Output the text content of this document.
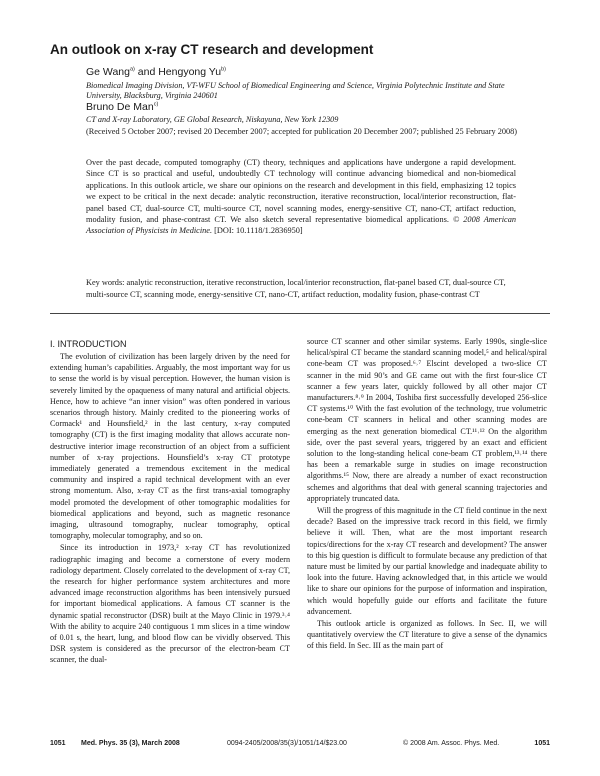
An outlook on x-ray CT research and development
Ge Wang$^{a)}$ and Hengyong Yu$^{b)}$
Biomedical Imaging Division, VT-WFU School of Biomedical Engineering and Science, Virginia Polytechnic Institute and State University, Blacksburg, Virginia 240601
Bruno De Man$^{c)}$
CT and X-ray Laboratory, GE Global Research, Niskayuna, New York 12309
(Received 5 October 2007; revised 20 December 2007; accepted for publication 20 December 2007; published 25 February 2008)
Over the past decade, computed tomography (CT) theory, techniques and applications have undergone a rapid development. Since CT is so practical and useful, undoubtedly CT technology will continue advancing biomedical and non-biomedical applications. In this outlook article, we share our opinions on the research and development in this field, emphasizing 12 topics we expect to be critical in the next decade: analytic reconstruction, iterative reconstruction, local/interior reconstruction, flat-panel based CT, dual-source CT, multi-source CT, novel scanning modes, energy-sensitive CT, nano-CT, artifact reduction, modality fusion, and phase-contrast CT. We also sketch several representative biomedical applications. © 2008 American Association of Physicists in Medicine. [DOI: 10.1118/1.2836950]
Key words: analytic reconstruction, iterative reconstruction, local/interior reconstruction, flat-panel based CT, dual-source CT, multi-source CT, scanning mode, energy-sensitive CT, nano-CT, artifact reduction, modality fusion, phase-contrast CT
I. INTRODUCTION

The evolution of civilization has been largely driven by the need for extending human’s capabilities. Arguably, the most important way for us to sense the world is by visual perception. However, the human vision is severely limited by the opaqueness of many natural and artificial objects. Hence, how to achieve “an inner vision” was often pondered in various scenarios through history. Mainly credited to the pioneering works of Cormack¹ and Hounsfield,² in the last century, x-ray computed tomography (CT) is the first imaging modality that allows accurate non-destructive interior image reconstruction of an object from a sufficient number of x-ray projections. Hounsfield’s x-ray CT prototype immediately generated a tremendous excitement in the medical community and inspired a rapid technical development with an ever strong momentum. Also, x-ray CT as the first trans-axial tomography model promoted the development of other tomographic modalities for biomedical applications and beyond, such as magnetic resonance imaging, ultrasound tomography, nuclear tomography, optical tomography, molecular tomography, and so on.

Since its introduction in 1973,² x-ray CT has revolutionized radiographic imaging and become a cornerstone of every modern radiology department. Closely correlated to the development of x-ray CT, the research for higher performance system architectures and more advanced image reconstruction algorithms has been intensively pursued for important biomedical applications. A famous CT scanner is the dynamic spatial reconstructor (DSR) built at the Mayo Clinic in 1979.³˒⁴ With the ability to acquire 240 contiguous 1 mm slices in a time window of 0.01 s, the heart, lung, and blood flow can be vividly observed. This DSR system is considered as the precursor of the electron-beam CT scanner, the dual-

source CT scanner and other similar systems. Early 1990s, single-slice helical/spiral CT became the standard scanning model,⁵ and helical/spiral cone-beam CT was proposed.⁶˒⁷ Elscint developed a two-slice CT scanner in the mid 90’s and GE came out with the first four-slice CT scanner a few years later, quickly followed by all other major CT manufacturers.⁸˒⁹ In 2004, Toshiba first successfully developed 256-slice CT systems.¹⁰ With the fast evolution of the technology, true volumetric cone-beam CT scanners in helical and other scanning modes are emerging as the next generation biomedical CT.¹¹˒¹² On the algorithm side, over the past several years, triggered by an exact and efficient solution to the long-standing helical cone-beam CT problem,¹³˒¹⁴ there has been a remarkable surge in studies on image reconstruction algorithms.¹⁵ Now, there are already a number of exact reconstruction schemes and algorithms that deal with general scanning trajectories and appropriately truncated data.

Will the progress of this magnitude in the CT field continue in the next decade? Based on the impressive track record in this field, we firmly believe it will. Then, what are the most important research topics/directions for the x-ray CT research and development? The answer to this big question is difficult to formulate because any prediction of that nature must be limited by our partial knowledge and inadequate ability to look into the future. Having acknowledged that, in this article we would like to share our opinions for the purpose of information and inspiration, which would hopefully guide our efforts and facilitate the future advancement.

This outlook article is organized as follows. In Sec. II, we will quantitatively overview the CT literature to give a sense of the dynamics of this field. In Sec. III as the main part of

1051 Med. Phys. 35 (3), March 2008	0094-2405/2008/35(3)/1051/14/$23.00	© 2008 Am. Assoc. Phys. Med.	1051
